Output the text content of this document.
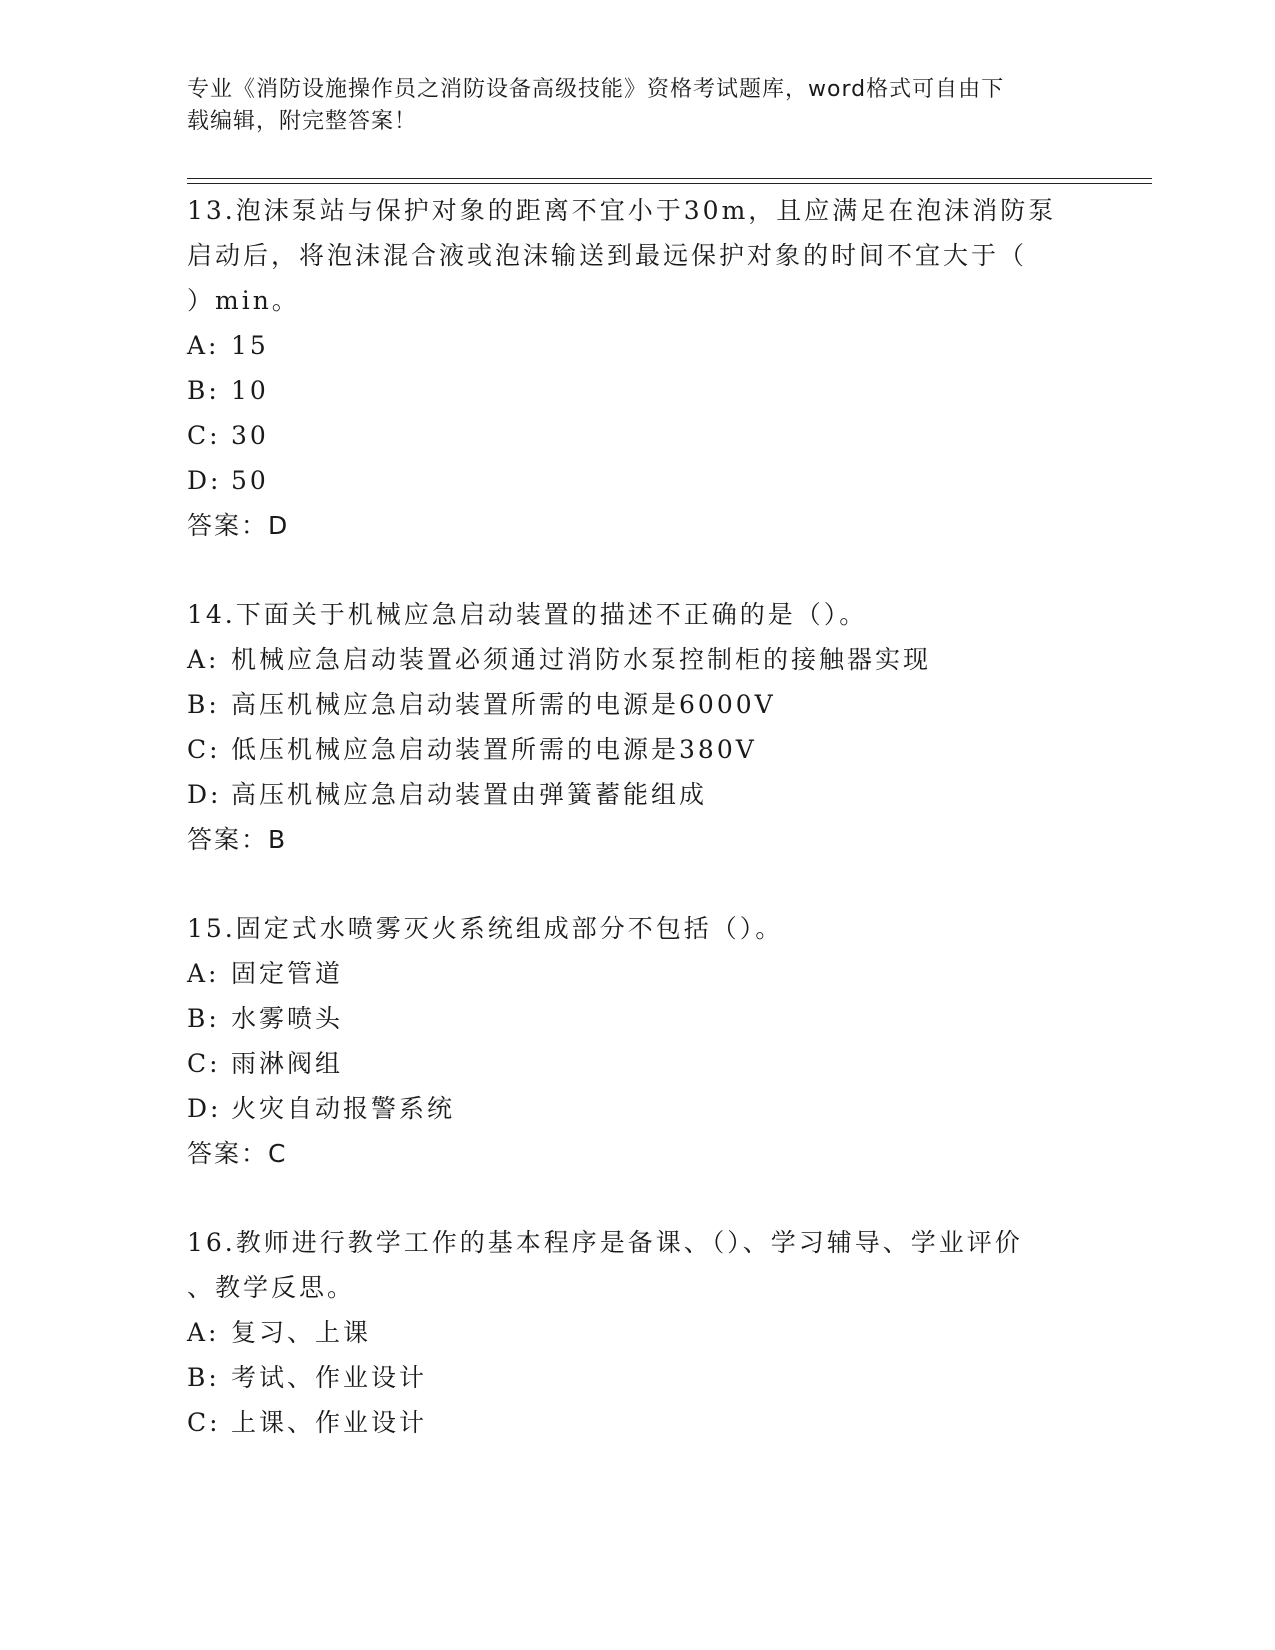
专业《消防设施操作员之消防设备高级技能》资格考试题库，word格式可自由下
载编辑，附完整答案！

13.泡沫泵站与保护对象的距离不宜小于30m，且应满足在泡沫消防泵

启动后，将泡沫混合液或泡沫输送到最远保护对象的时间不宜大于（

）min。

A: 15

B: 10

C: 30

D: 50

答案：D

14.下面关于机械应急启动装置的描述不正确的是（）。

A: 机械应急启动装置必须通过消防水泵控制柜的接触器实现

B: 高压机械应急启动装置所需的电源是6000V

C: 低压机械应急启动装置所需的电源是380V

D: 高压机械应急启动装置由弹簧蓄能组成

答案：B

15.固定式水喷雾灭火系统组成部分不包括（）。

A: 固定管道

B: 水雾喷头

C: 雨淋阀组

D: 火灾自动报警系统

答案：C

16.教师进行教学工作的基本程序是备课、（）、学习辅导、学业评价

、教学反思。

A: 复习、上课

B: 考试、作业设计

C: 上课、作业设计
